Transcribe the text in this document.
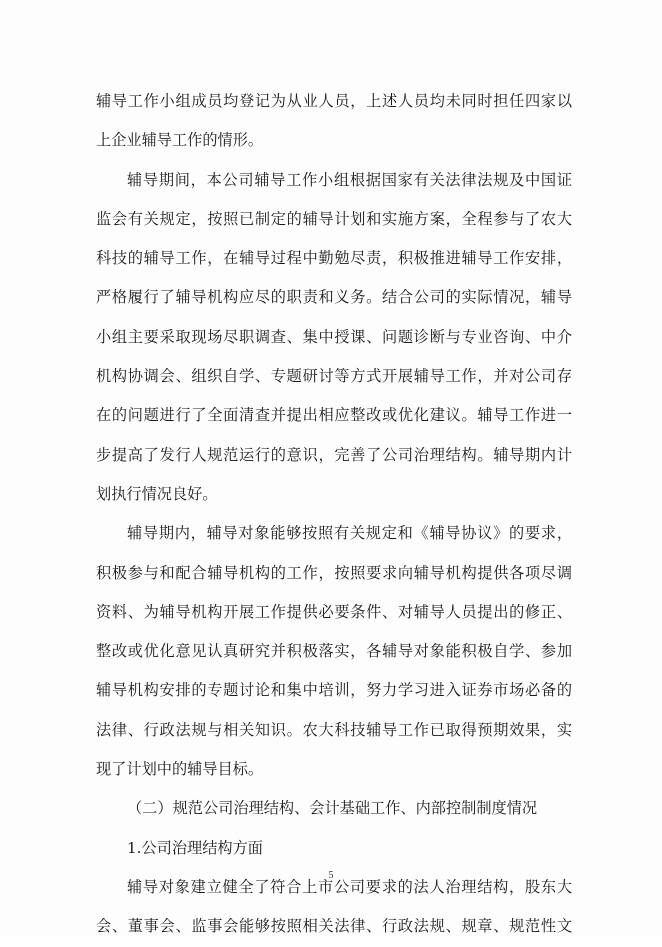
辅导工作小组成员均登记为从业人员，上述人员均未同时担任四家以
上企业辅导工作的情形。
辅导期间，本公司辅导工作小组根据国家有关法律法规及中国证
监会有关规定，按照已制定的辅导计划和实施方案，全程参与了农大
科技的辅导工作，在辅导过程中勤勉尽责，积极推进辅导工作安排，
严格履行了辅导机构应尽的职责和义务。结合公司的实际情况，辅导
小组主要采取现场尽职调查、集中授课、问题诊断与专业咨询、中介
机构协调会、组织自学、专题研讨等方式开展辅导工作，并对公司存
在的问题进行了全面清查并提出相应整改或优化建议。辅导工作进一
步提高了发行人规范运行的意识，完善了公司治理结构。辅导期内计
划执行情况良好。
辅导期内，辅导对象能够按照有关规定和《辅导协议》的要求，
积极参与和配合辅导机构的工作，按照要求向辅导机构提供各项尽调
资料、为辅导机构开展工作提供必要条件、对辅导人员提出的修正、
整改或优化意见认真研究并积极落实，各辅导对象能积极自学、参加
辅导机构安排的专题讨论和集中培训，努力学习进入证券市场必备的
法律、行政法规与相关知识。农大科技辅导工作已取得预期效果，实
现了计划中的辅导目标。
（二）规范公司治理结构、会计基础工作、内部控制制度情况
1.公司治理结构方面
辅导对象建立健全了符合上市公司要求的法人治理结构，股东大
会、董事会、监事会能够按照相关法律、行政法规、规章、规范性文
5
